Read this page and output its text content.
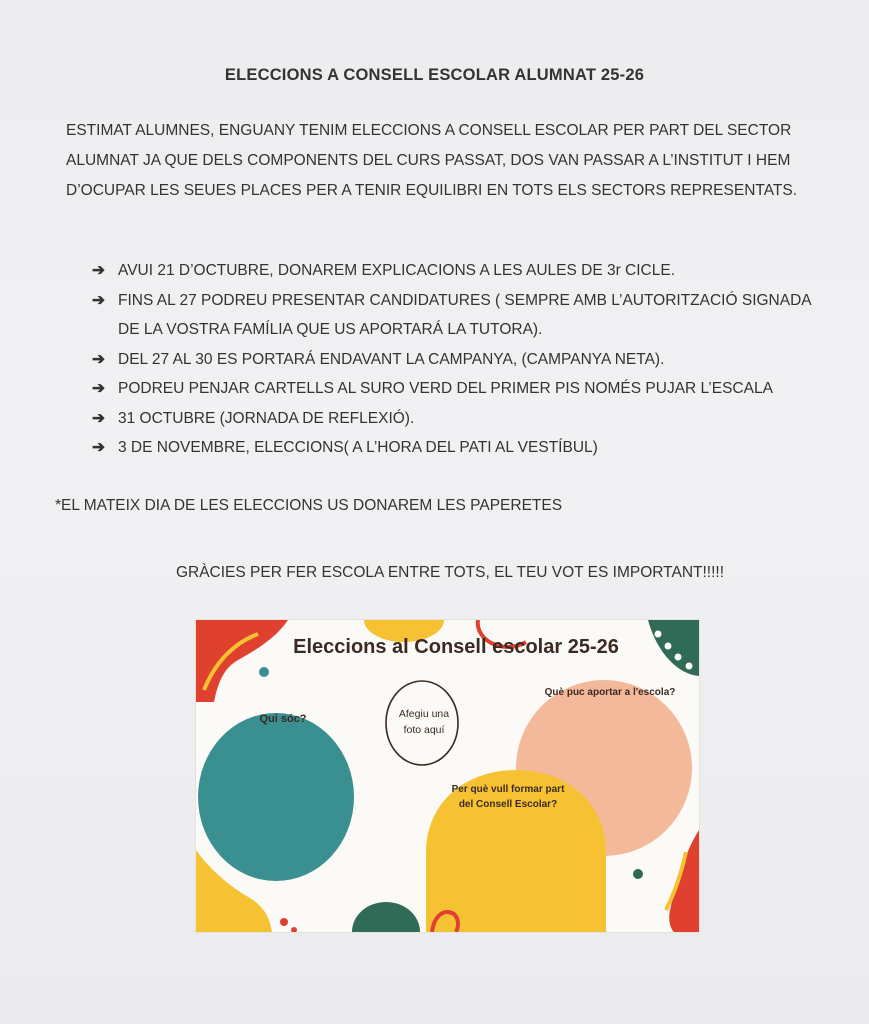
ELECCIONS A CONSELL ESCOLAR ALUMNAT 25-26
ESTIMAT ALUMNES, ENGUANY TENIM ELECCIONS A CONSELL ESCOLAR PER PART DEL SECTOR ALUMNAT JA QUE DELS COMPONENTS DEL CURS PASSAT, DOS VAN PASSAR A L’INSTITUT I HEM D’OCUPAR LES SEUES PLACES PER A TENIR EQUILIBRI EN TOTS ELS SECTORS REPRESENTATS.
➔ AVUI 21 D’OCTUBRE, DONAREM EXPLICACIONS A LES AULES DE 3r CICLE.
➔ FINS AL 27 PODREU PRESENTAR CANDIDATURES ( SEMPRE AMB L’AUTORITZACIÓ SIGNADA DE LA VOSTRA FAMÍLIA QUE US APORTARÁ LA TUTORA).
➔ DEL 27 AL 30 ES PORTARÁ ENDAVANT LA CAMPANYA, (CAMPANYA NETA).
➔ PODREU PENJAR CARTELLS AL SURO VERD DEL PRIMER PIS NOMÉS PUJAR L’ESCALA
➔ 31 OCTUBRE (JORNADA DE REFLEXIÓ).
➔ 3 DE NOVEMBRE, ELECCIONS( A L’HORA DEL PATI AL VESTÍBUL)
*EL MATEIX DIA DE LES ELECCIONS US DONAREM LES PAPERETES
GRÀCIES PER FER ESCOLA ENTRE TOTS, EL TEU VOT ES IMPORTANT!!!!!
Eleccions al Consell escolar 25-26
Qui sóc?
Què puc aportar a l'escola?
Per què vull formar part del Consell Escolar?
Afegiu una foto aquí
